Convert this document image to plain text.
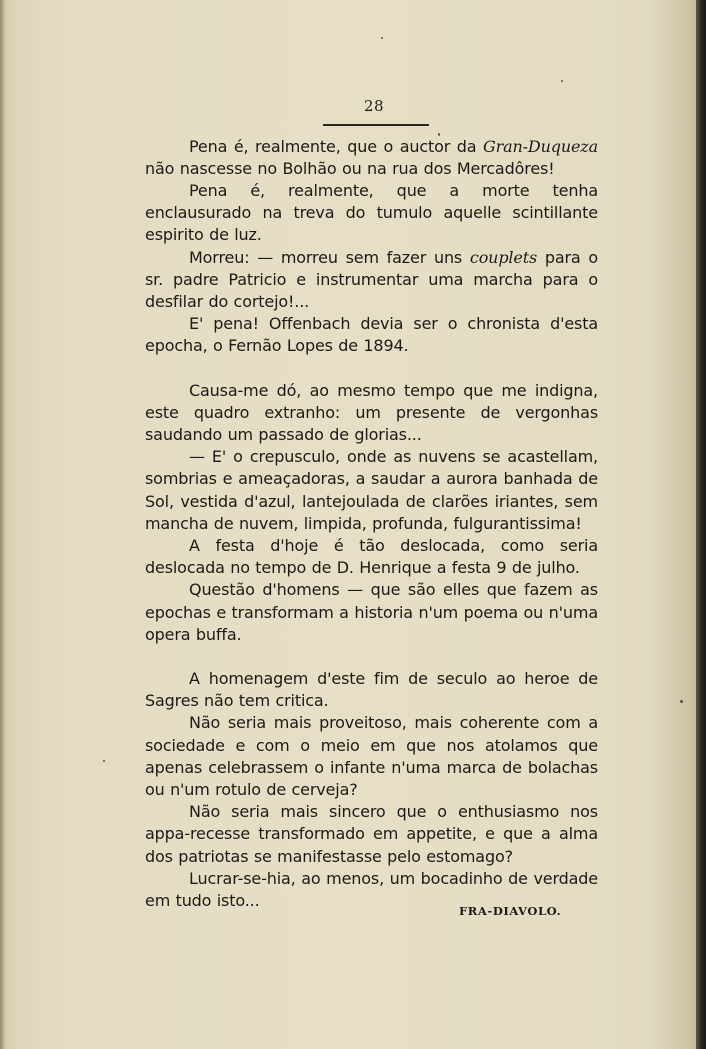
28

Pena é, realmente, que o auctor da Gran-Duqueza não nascesse no Bolhão ou na rua dos Mercadôres!

Pena é, realmente, que a morte tenha enclausurado na treva do tumulo aquelle scintillante espirito de luz.

Morreu: — morreu sem fazer uns couplets para o sr. padre Patricio e instrumentar uma marcha para o desfilar do cortejo!...

E' pena! Offenbach devia ser o chronista d'esta epocha, o Fernão Lopes de 1894.

Causa-me dó, ao mesmo tempo que me indigna, este quadro extranho: um presente de vergonhas saudando um passado de glorias...

— E' o crepusculo, onde as nuvens se acastellam, sombrias e ameaçadoras, a saudar a aurora banhada de Sol, vestida d'azul, lantejoulada de clarões iriantes, sem mancha de nuvem, limpida, profunda, fulgurantissima!

A festa d'hoje é tão deslocada, como seria deslocada no tempo de D. Henrique a festa 9 de julho.

Questão d'homens — que são elles que fazem as epochas e transformam a historia n'um poema ou n'uma opera buffa.

A homenagem d'este fim de seculo ao heroe de Sagres não tem critica.

Não seria mais proveitoso, mais coherente com a sociedade e com o meio em que nos atolamos que apenas celebrassem o infante n'uma marca de bolachas ou n'um rotulo de cerveja?

Não seria mais sincero que o enthusiasmo nos appa-recesse transformado em appetite, e que a alma dos patriotas se manifestasse pelo estomago?

Lucrar-se-hia, ao menos, um bocadinho de verdade em tudo isto...

FRA-DIAVOLO.
